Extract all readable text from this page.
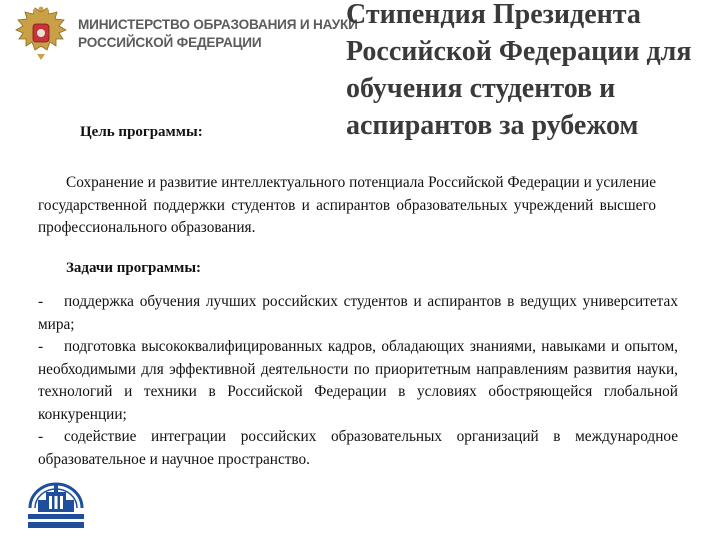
МИНИСТЕРСТВО ОБРАЗОВАНИЯ И НАУКИ
РОССИЙСКОЙ ФЕДЕРАЦИИ
Стипендия Президента
Российской Федерации для
обучения студентов и
аспирантов за рубежом
Цель программы:

Сохранение и развитие интеллектуального потенциала Российской Федерации и усиление государственной поддержки студентов и аспирантов образовательных учреждений высшего профессионального образования.

Задачи программы:
- поддержка обучения лучших российских студентов и аспирантов в ведущих университетах мира;
- подготовка высококвалифицированных кадров, обладающих знаниями, навыками и опытом, необходимыми для эффективной деятельности по приоритетным направлениям развития науки, технологий и техники в Российской Федерации в условиях обостряющейся глобальной конкуренции;
- содействие интеграции российских образовательных организаций в международное образовательное и научное пространство.
